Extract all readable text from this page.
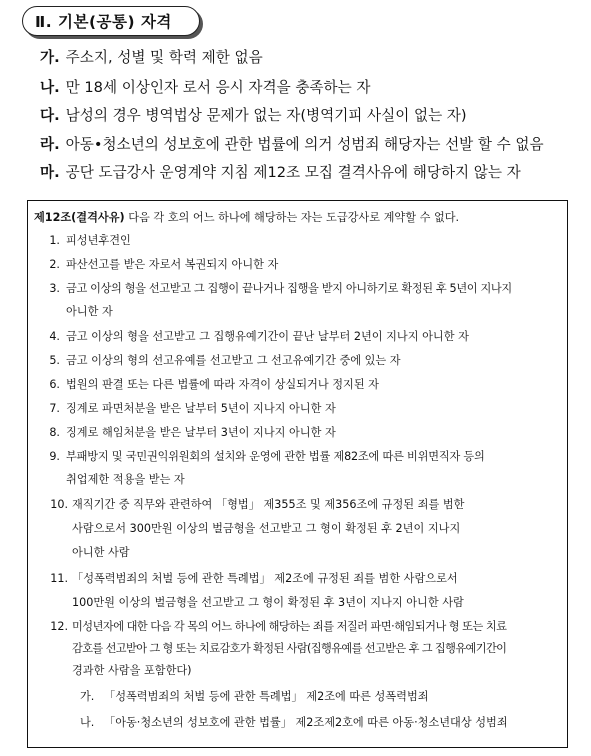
Ⅱ. 기본(공통) 자격
가. 주소지, 성별 및 학력 제한 없음
나. 만 18세 이상인자 로서 응시 자격을 충족하는 자
다. 남성의 경우 병역법상 문제가 없는 자(병역기피 사실이 없는 자)
라. 아동•청소년의 성보호에 관한 법률에 의거 성범죄 해당자는 선발 할 수 없음
마. 공단 도급강사 운영계약 지침 제12조 모집 결격사유에 해당하지 않는 자
제12조(결격사유) 다음 각 호의 어느 하나에 해당하는 자는 도급강사로 계약할 수 없다.
1. 피성년후견인
2. 파산선고를 받은 자로서 복권되지 아니한 자
3. 금고 이상의 형을 선고받고 그 집행이 끝나거나 집행을 받지 아니하기로 확정된 후 5년이 지나지
아니한 자
4. 금고 이상의 형을 선고받고 그 집행유예기간이 끝난 날부터 2년이 지나지 아니한 자
5. 금고 이상의 형의 선고유예를 선고받고 그 선고유예기간 중에 있는 자
6. 법원의 판결 또는 다른 법률에 따라 자격이 상실되거나 정지된 자
7. 징계로 파면처분을 받은 날부터 5년이 지나지 아니한 자
8. 징계로 해임처분을 받은 날부터 3년이 지나지 아니한 자
9. 부패방지 및 국민권익위원회의 설치와 운영에 관한 법률 제82조에 따른 비위면직자 등의
취업제한 적용을 받는 자
10. 재직기간 중 직무와 관련하여 「형법」 제355조 및 제356조에 규정된 죄를 범한
사람으로서 300만원 이상의 벌금형을 선고받고 그 형이 확정된 후 2년이 지나지
아니한 사람
11. 「성폭력범죄의 처벌 등에 관한 특례법」 제2조에 규정된 죄를 범한 사람으로서
100만원 이상의 벌금형을 선고받고 그 형이 확정된 후 3년이 지나지 아니한 사람
12. 미성년자에 대한 다음 각 목의 어느 하나에 해당하는 죄를 저질러 파면·해임되거나 형 또는 치료
감호를 선고받아 그 형 또는 치료감호가 확정된 사람(집행유예를 선고받은 후 그 집행유예기간이
경과한 사람을 포함한다)
가. 「성폭력범죄의 처벌 등에 관한 특례법」 제2조에 따른 성폭력범죄
나. 「아동·청소년의 성보호에 관한 법률」 제2조제2호에 따른 아동·청소년대상 성범죄
